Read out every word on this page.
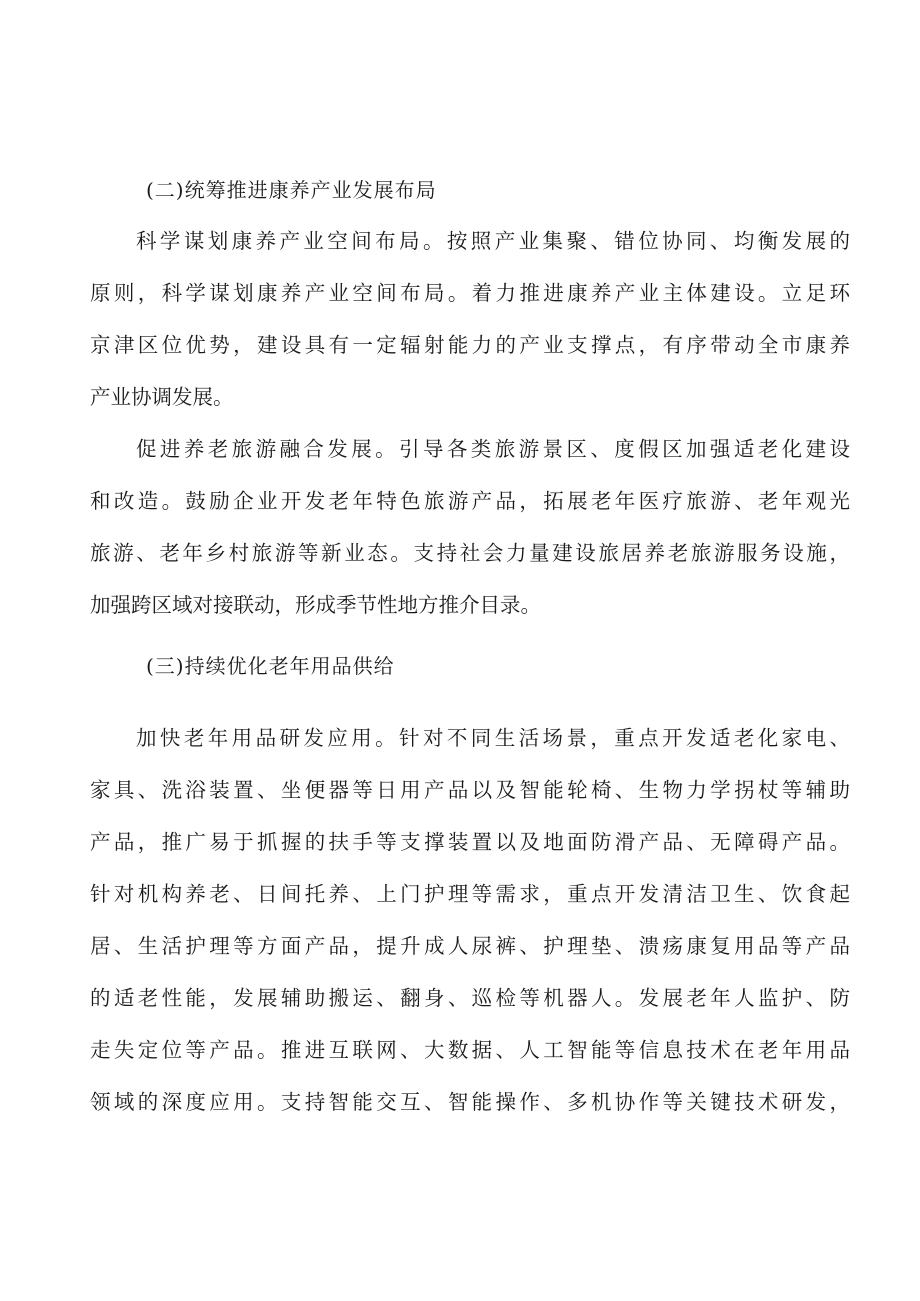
(二)统筹推进康养产业发展布局

科学谋划康养产业空间布局。按照产业集聚、错位协同、均衡发展的

原则，科学谋划康养产业空间布局。着力推进康养产业主体建设。立足环

京津区位优势，建设具有一定辐射能力的产业支撑点，有序带动全市康养

产业协调发展。

促进养老旅游融合发展。引导各类旅游景区、度假区加强适老化建设

和改造。鼓励企业开发老年特色旅游产品，拓展老年医疗旅游、老年观光

旅游、老年乡村旅游等新业态。支持社会力量建设旅居养老旅游服务设施，

加强跨区域对接联动，形成季节性地方推介目录。

(三)持续优化老年用品供给

加快老年用品研发应用。针对不同生活场景，重点开发适老化家电、

家具、洗浴装置、坐便器等日用产品以及智能轮椅、生物力学拐杖等辅助

产品，推广易于抓握的扶手等支撑装置以及地面防滑产品、无障碍产品。

针对机构养老、日间托养、上门护理等需求，重点开发清洁卫生、饮食起

居、生活护理等方面产品，提升成人尿裤、护理垫、溃疡康复用品等产品

的适老性能，发展辅助搬运、翻身、巡检等机器人。发展老年人监护、防

走失定位等产品。推进互联网、大数据、人工智能等信息技术在老年用品

领域的深度应用。支持智能交互、智能操作、多机协作等关键技术研发，
